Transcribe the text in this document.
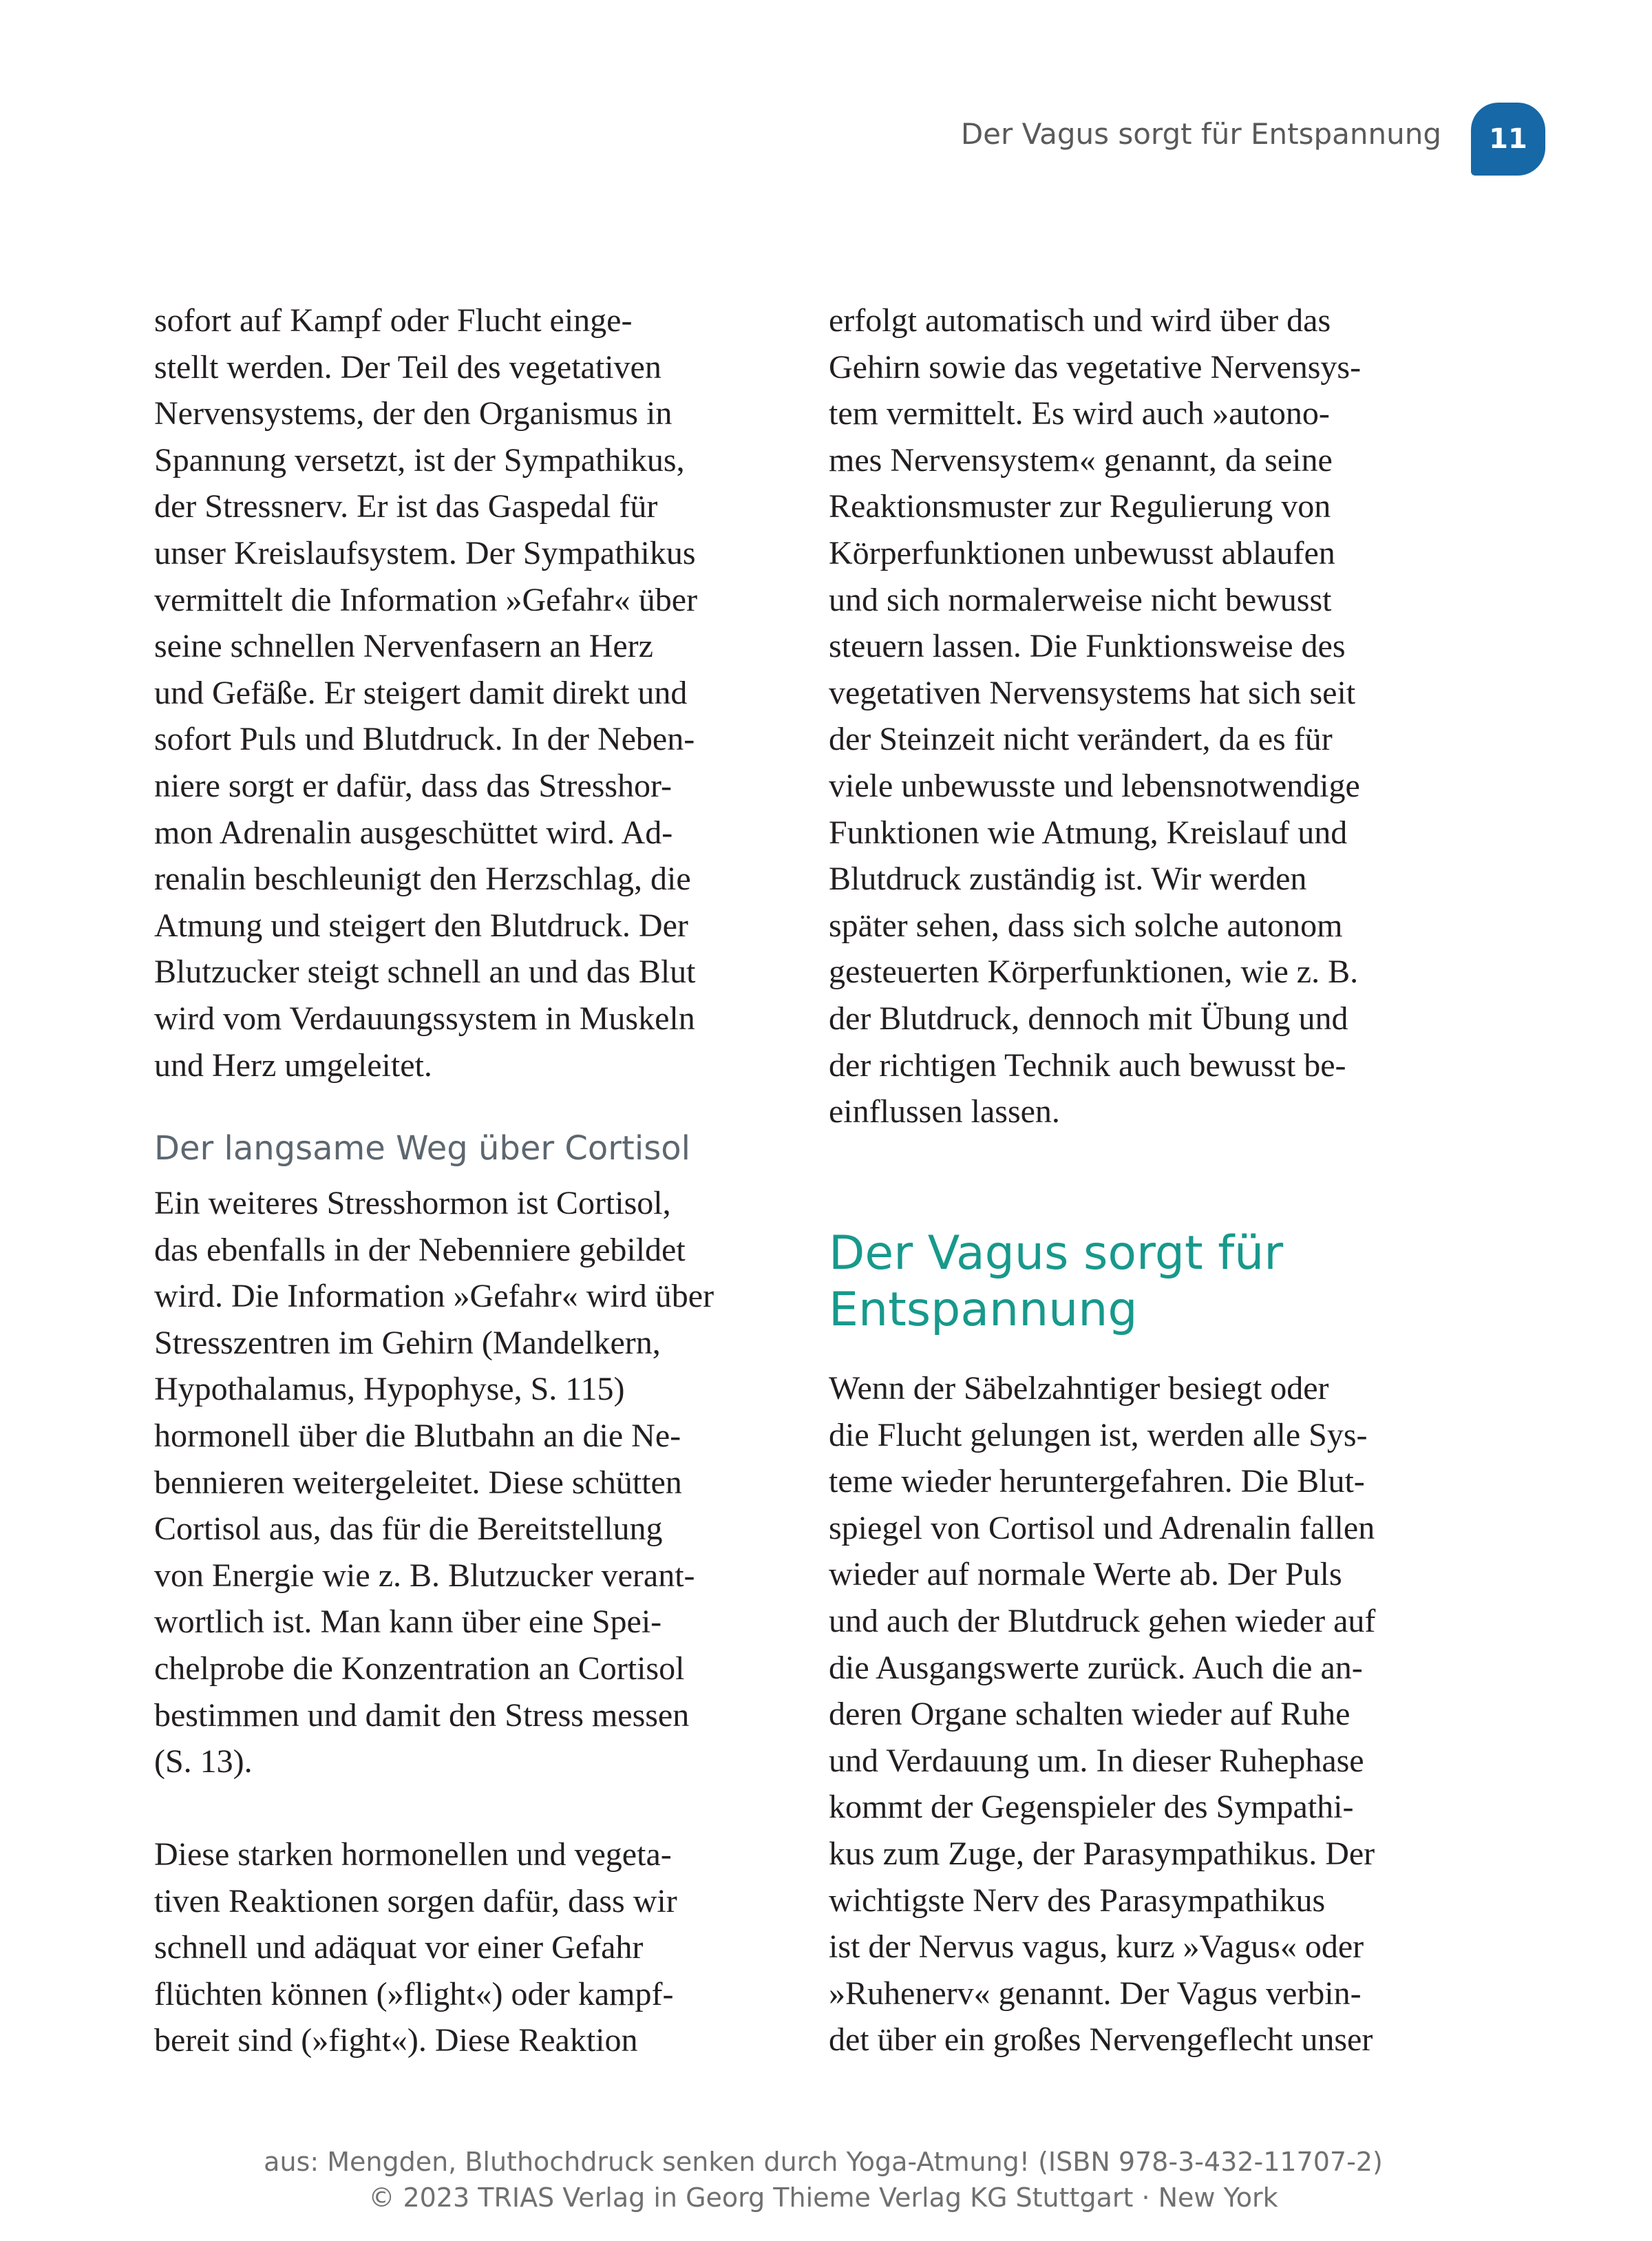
Der Vagus sorgt für Entspannung	11
sofort auf Kampf oder Flucht einge-
stellt werden. Der Teil des vegetativen
Nervensystems, der den Organismus in
Spannung versetzt, ist der Sympathikus,
der Stressnerv. Er ist das Gaspedal für
unser Kreislaufsystem. Der Sympathikus
vermittelt die Information »Gefahr« über
seine schnellen Nervenfasern an Herz
und Gefäße. Er steigert damit direkt und
sofort Puls und Blutdruck. In der Neben-
niere sorgt er dafür, dass das Stresshor-
mon Adrenalin ausgeschüttet wird. Ad-
renalin beschleunigt den Herzschlag, die
Atmung und steigert den Blutdruck. Der
Blutzucker steigt schnell an und das Blut
wird vom Verdauungssystem in Muskeln
und Herz umgeleitet.
Der langsame Weg über Cortisol
Ein weiteres Stresshormon ist Cortisol,
das ebenfalls in der Nebenniere gebildet
wird. Die Information »Gefahr« wird über
Stresszentren im Gehirn (Mandelkern,
Hypothalamus, Hypophyse, S. 115)
hormonell über die Blutbahn an die Ne-
bennieren weitergeleitet. Diese schütten
Cortisol aus, das für die Bereitstellung
von Energie wie z. B. Blutzucker verant-
wortlich ist. Man kann über eine Spei-
chelprobe die Konzentration an Cortisol
bestimmen und damit den Stress messen
(S. 13).
Diese starken hormonellen und vegeta-
tiven Reaktionen sorgen dafür, dass wir
schnell und adäquat vor einer Gefahr
flüchten können (»flight«) oder kampf-
bereit sind (»fight«). Diese Reaktion
erfolgt automatisch und wird über das
Gehirn sowie das vegetative Nervensys-
tem vermittelt. Es wird auch »autono-
mes Nervensystem« genannt, da seine
Reaktionsmuster zur Regulierung von
Körperfunktionen unbewusst ablaufen
und sich normalerweise nicht bewusst
steuern lassen. Die Funktionsweise des
vegetativen Nervensystems hat sich seit
der Steinzeit nicht verändert, da es für
viele unbewusste und lebensnotwendige
Funktionen wie Atmung, Kreislauf und
Blutdruck zuständig ist. Wir werden
später sehen, dass sich solche autonom
gesteuerten Körperfunktionen, wie z. B.
der Blutdruck, dennoch mit Übung und
der richtigen Technik auch bewusst be-
einflussen lassen.
Der Vagus sorgt für
Entspannung
Wenn der Säbelzahntiger besiegt oder
die Flucht gelungen ist, werden alle Sys-
teme wieder heruntergefahren. Die Blut-
spiegel von Cortisol und Adrenalin fallen
wieder auf normale Werte ab. Der Puls
und auch der Blutdruck gehen wieder auf
die Ausgangswerte zurück. Auch die an-
deren Organe schalten wieder auf Ruhe
und Verdauung um. In dieser Ruhephase
kommt der Gegenspieler des Sympathi-
kus zum Zuge, der Parasympathikus. Der
wichtigste Nerv des Parasympathikus
ist der Nervus vagus, kurz »Vagus« oder
»Ruhenerv« genannt. Der Vagus verbin-
det über ein großes Nervengeflecht unser
aus: Mengden, Bluthochdruck senken durch Yoga-Atmung! (ISBN 978-3-432-11707-2)
© 2023 TRIAS Verlag in Georg Thieme Verlag KG Stuttgart · New York
